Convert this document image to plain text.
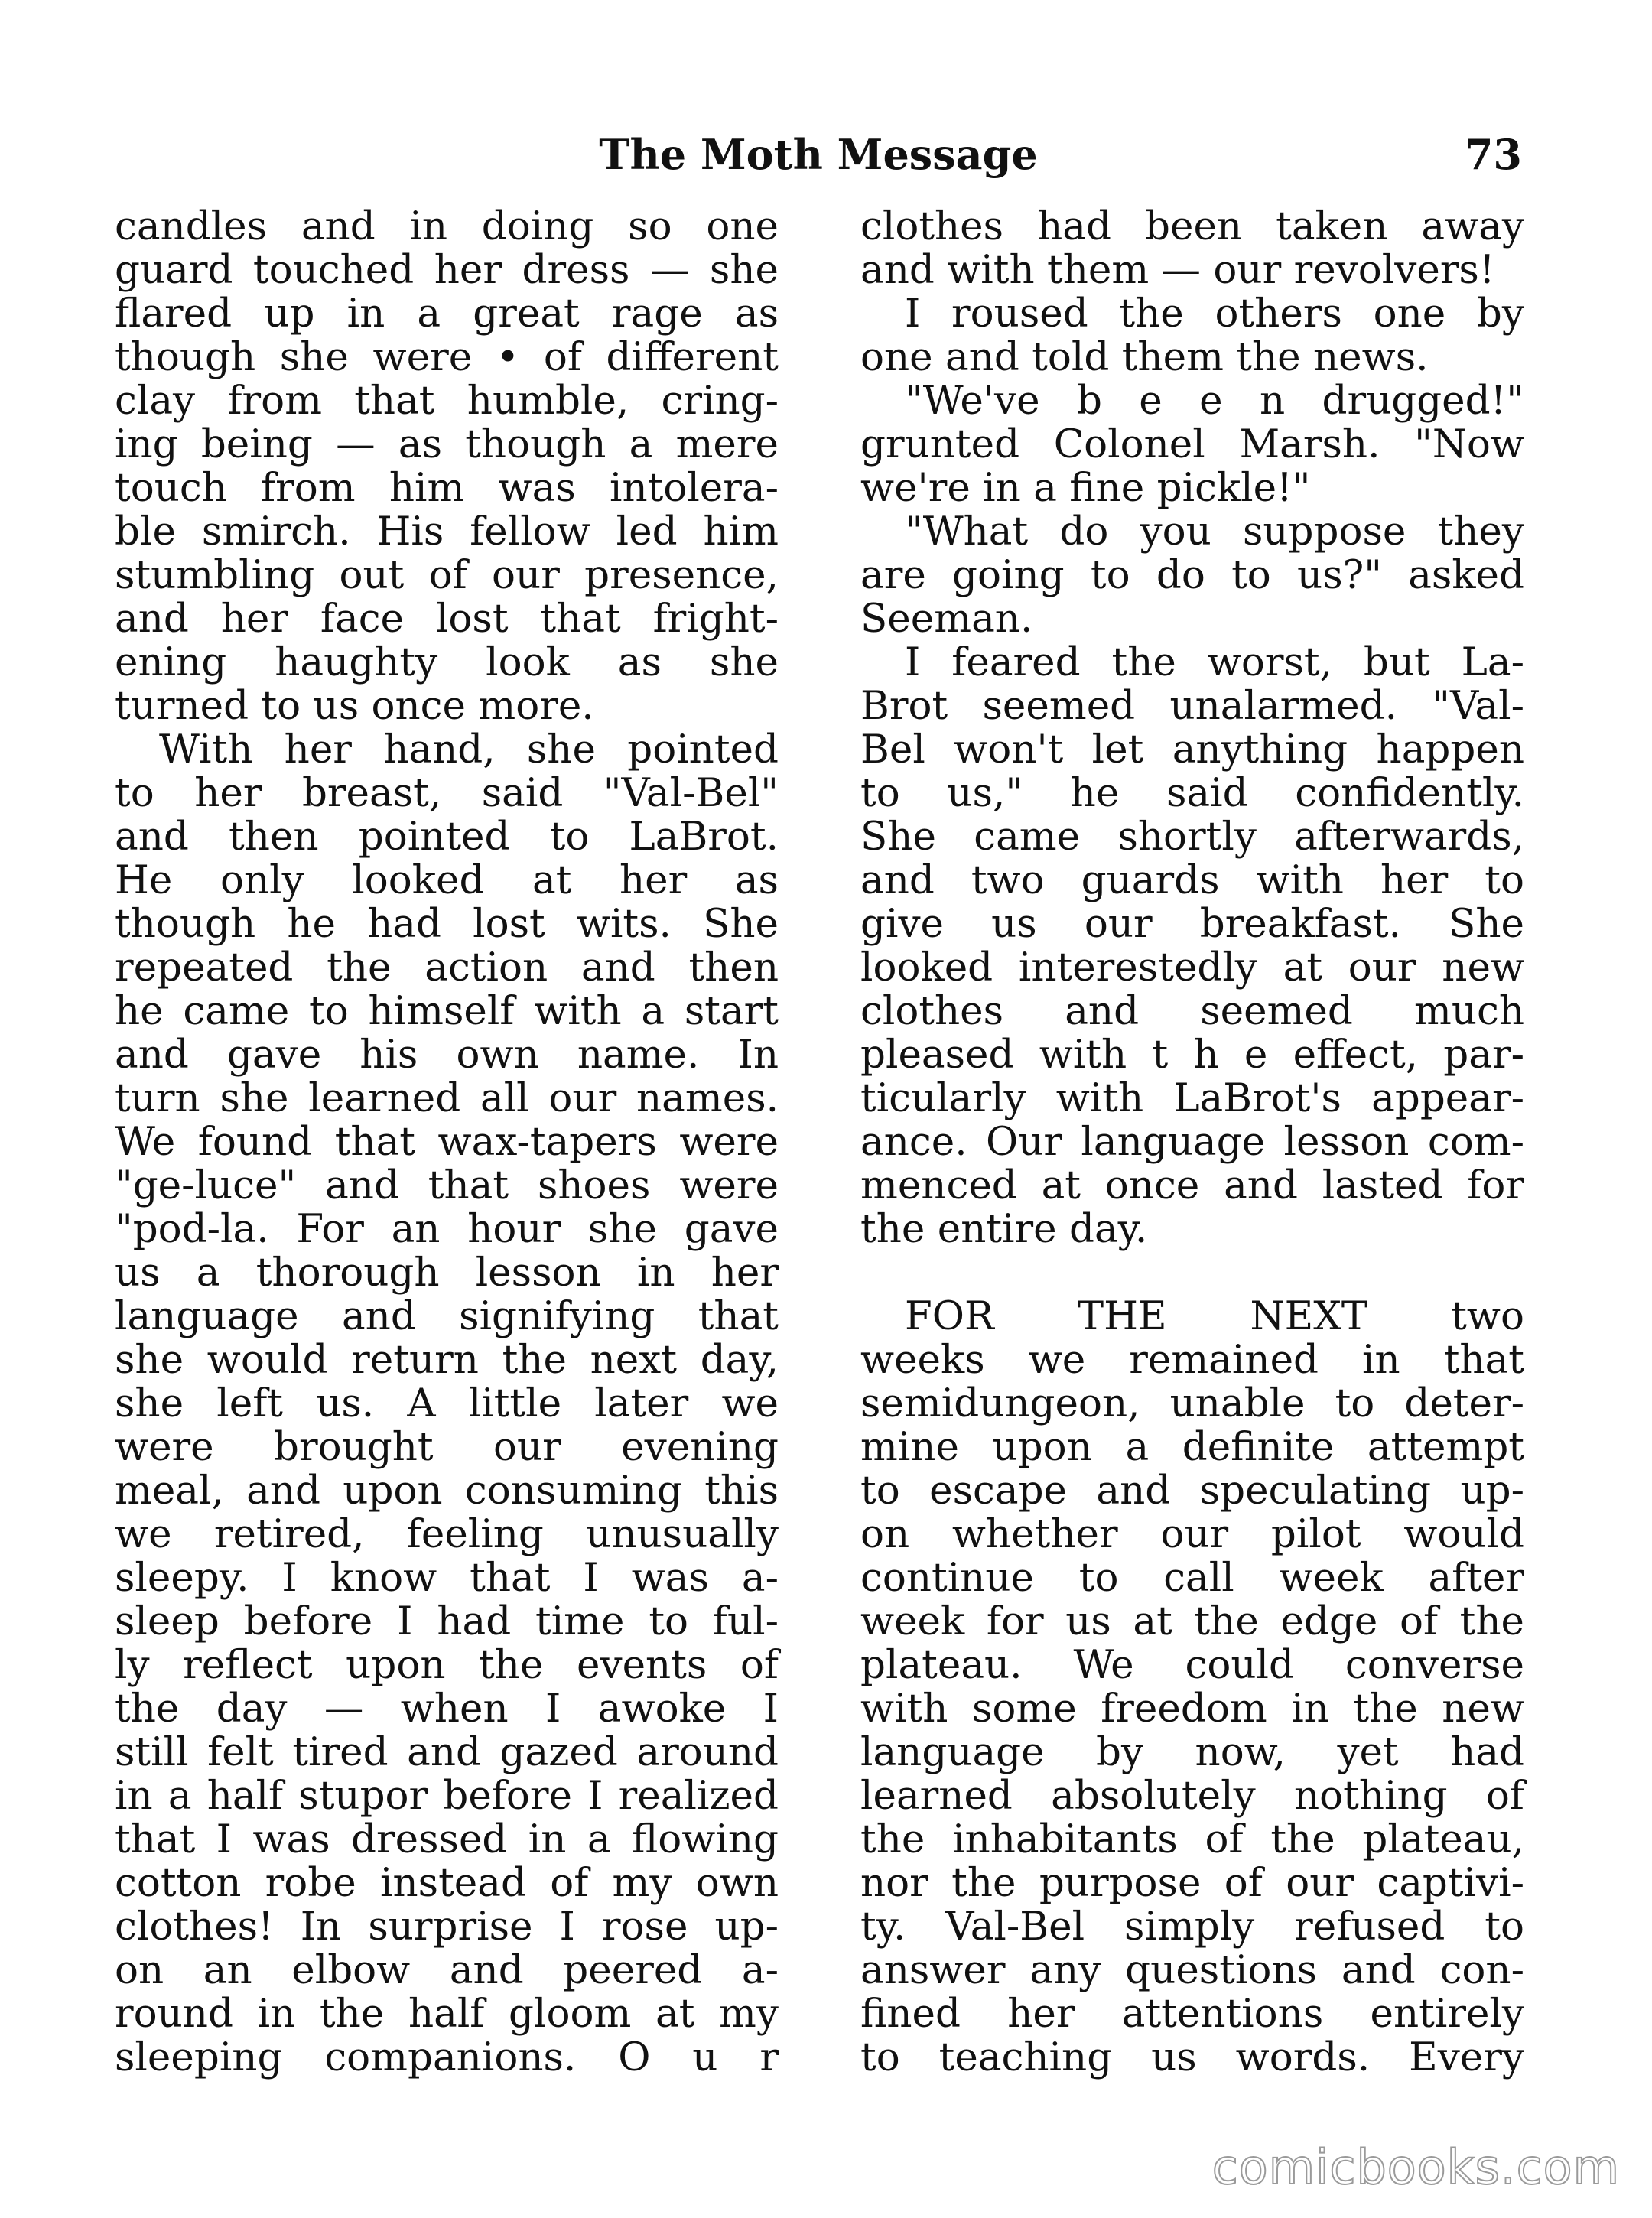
The Moth Message	73
candles and in doing so one
guard touched her dress — she
flared up in a great rage as
though she were • of different
clay from that humble, cring-
ing being — as though a mere
touch from him was intolera-
ble smirch. His fellow led him
stumbling out of our presence,
and her face lost that fright-
ening haughty look as she
turned to us once more.
With her hand, she pointed
to her breast, said "Val-Bel"
and then pointed to LaBrot.
He only looked at her as
though he had lost wits. She
repeated the action and then
he came to himself with a start
and gave his own name. In
turn she learned all our names.
We found that wax-tapers were
"ge-luce" and that shoes were
"pod-la. For an hour she gave
us a thorough lesson in her
language and signifying that
she would return the next day,
she left us. A little later we
were brought our evening
meal, and upon consuming this
we retired, feeling unusually
sleepy. I know that I was a-
sleep before I had time to ful-
ly reflect upon the events of
the day — when I awoke I
still felt tired and gazed around
in a half stupor before I realized
that I was dressed in a flowing
cotton robe instead of my own
clothes! In surprise I rose up-
on an elbow and peered a-
round in the half gloom at my
sleeping companions. O u r
clothes had been taken away
and with them — our revolvers!
I roused the others one by
one and told them the news.
"We've b e e n drugged!"
grunted Colonel Marsh. "Now
we're in a fine pickle!"
"What do you suppose they
are going to do to us?" asked
Seeman.
I feared the worst, but La-
Brot seemed unalarmed. "Val-
Bel won't let anything happen
to us," he said confidently.
She came shortly afterwards,
and two guards with her to
give us our breakfast. She
looked interestedly at our new
clothes and seemed much
pleased with t h e effect, par-
ticularly with LaBrot's appear-
ance. Our language lesson com-
menced at once and lasted for
the entire day.
FOR THE NEXT two
weeks we remained in that
semidungeon, unable to deter-
mine upon a definite attempt
to escape and speculating up-
on whether our pilot would
continue to call week after
week for us at the edge of the
plateau. We could converse
with some freedom in the new
language by now, yet had
learned absolutely nothing of
the inhabitants of the plateau,
nor the purpose of our captivi-
ty. Val-Bel simply refused to
answer any questions and con-
fined her attentions entirely
to teaching us words. Every
comicbooks.com
